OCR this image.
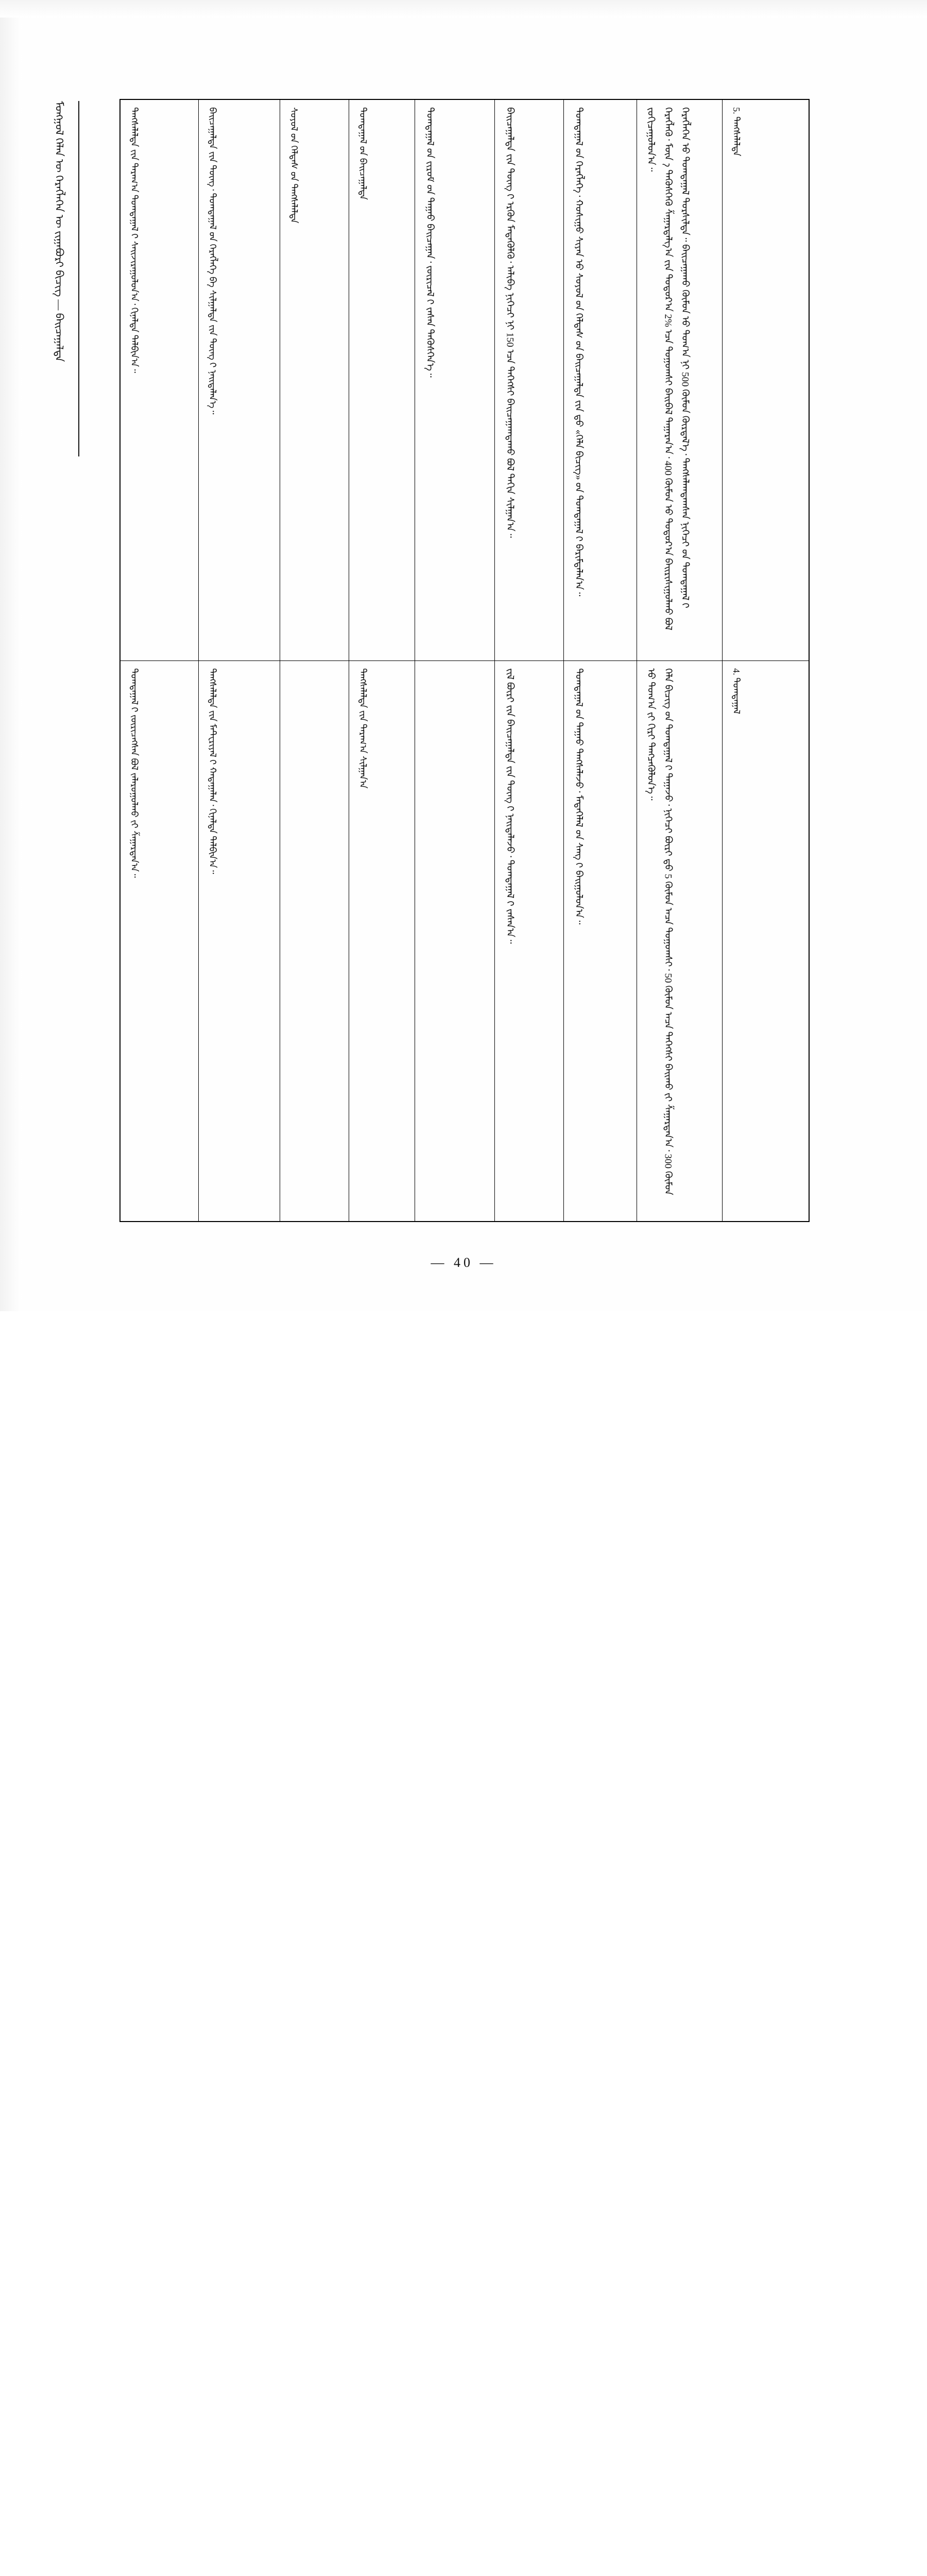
ᠮᠣᠩᠭᠤᠯ ᠬᠡᠯᠡᠨ ᠦ ᠬᠡᠷᠡᠭᠯᠡᠭᠡᠨ ᠦ ᠵᠢᠭᠠᠪᠤᠷᠢ ᠪᠢᠴᠢᠭ᠌ — ᠪᠠᠢᠴᠠᠭᠠᠯᠲᠠ	ᠲᠠᠩᠰᠠᠯᠠᠯᠲᠠ ᠶ᠋ᠢᠨ ᠳᠠᠷᠠᠭ᠎ᠠ ᠲᠣᠭᠲᠠᠭᠠᠯ ᠢ᠋ ᠰᠠᠢᠵᠢᠷᠠᠭᠤᠯᠤᠨ᠎ᠠ᠂ ᠬᠢᠨᠠᠯᠲᠠ ᠲᠠᠯᠪᠢᠨ᠎ᠠ᠃	ᠪᠠᠢᠴᠠᠭᠠᠯᠲᠠ ᠶ᠋ᠢᠨ ᠳᠦᠩ᠂ ᠲᠣᠭᠲᠠᠭᠠᠯ ᠤ᠋ᠨ ᠬᠡᠷᠡᠭᠯᠡᠭᠡ ᠪᠠ ᠰᠢᠯᠭᠠᠯᠲᠠ ᠶ᠋ᠢᠨ ᠳᠦᠩ ᠢ᠋ ᠨᠡᠢᠲᠡᠯᠡᠨ᠎ᠡ᠃	ᠰᠣᠶᠣᠯ ᠤ᠋ᠨ ᠬᠡᠯᠲᠡᠰ ᠦ᠋ᠨ ᠲᠠᠩᠰᠠᠯᠠᠯᠲᠠ	ᠲᠣᠭᠲᠠᠭᠠᠯ ᠤ᠋ᠨ ᠪᠠᠢᠴᠠᠭᠠᠯᠲᠠ	ᠲᠣᠭᠲᠠᠭᠠᠯ ᠤ᠋ᠨ ᠵᠢᠷᠤᠮ ᠤ᠋ᠨ ᠳᠠᠭᠠᠤ ᠪᠠᠢᠴᠠᠭᠠᠨ᠂ ᠵᠥᠷᠢᠴᠡᠯ ᠢ᠋ ᠵᠠᠰᠠᠨ ᠲᠡᠭᠦᠰᠬᠡᠨ᠎ᠡ᠃	ᠪᠠᠢᠴᠠᠭᠠᠯᠲᠠ ᠶ᠋ᠢᠨ ᠳᠦᠩ ᠢ᠋ ᠡᠷᠭᠦᠨ ᠮᠡᠳᠡᠭᠦᠯᠬᠦ᠂ ᠠᠯᠢᠪᠠ ᠨᠢᠭᠡᠴᠢ ᠨᠢ 150 ᠠ᠋ᠴᠠ ᠳᠡᠭᠡᠭᠰᠢ ᠪᠠᠢᠴᠠᠭᠠᠭᠳᠠᠬᠤ ᠪᠣᠯ ᠳᠠᠬᠢᠨ ᠰᠢᠯᠭᠠᠨ᠎ᠠ᠃	ᠲᠣᠭᠲᠠᠭᠠᠯ ᠤ᠋ᠨ ᠬᠡᠷᠡᠭᠯᠡᠭᠡ᠂ ᠬᠣᠰᠢᠭᠤ ᠰᠢᠶᠠᠨ ᠦ᠋ ᠰᠣᠶᠣᠯ ᠤ᠋ᠨ ᠬᠡᠯᠲᠡᠰ ᠦ᠋ᠨ ᠪᠠᠢᠴᠠᠭᠠᠯᠲᠠ ᠶ᠋ᠢᠨ ᠳ᠋ᠤ᠌ «ᠬᠡᠯᠡ ᠪᠢᠴᠢᠭ᠌» ᠦ᠋ᠨ ᠲᠣᠭᠲᠠᠭᠠᠯ ᠢ᠋ ᠪᠠᠷᠢᠮᠲᠠᠯᠠᠨ᠎ᠠ᠃	ᠬᠡᠷᠡᠭᠯᠡᠭᠡᠨ ᠦ᠋ ᠲᠣᠭᠲᠠᠭᠠᠯ ᠲᠤᠷᠰᠢᠯᠲᠠ᠃ ᠪᠠᠢᠴᠠᠭᠠᠬᠤ ᠬᠦᠮᠦᠨ ᠦ᠋ ᠲᠣᠭ᠎ᠠ ᠨᠢ 500 ᠬᠦᠮᠦᠨ ᠬᠦᠷᠲᠡᠯ᠎ᠡ᠂ ᠲᠠᠩᠰᠠᠯᠠᠭᠳᠠᠭᠰᠠᠨ ᠨᠢᠭᠡᠴᠢ ᠦ᠋ᠨ ᠲᠣᠭᠲᠠᠭᠠᠯ ᠢ᠋ ᠬᠡᠷᠡᠭᠯᠡᠬᠦ᠂ ᠮᠥᠨ ᠡ᠋ ᠲᠡᠭᠦᠰᠬᠡᠬᠦ ᠱᠠᠭᠠᠷᠳᠠᠯᠭ᠎ᠠ ᠶ᠋ᠢᠨ ᠳᠣᠲᠣᠷ᠎ᠠ 2% ᠠ᠋ᠴᠠ ᠳᠣᠭᠣᠭᠰᠢ ᠪᠠᠢᠪᠠᠯ ᠲᠠᠭᠠᠷᠠᠨ᠎ᠠ᠂ 400 ᠬᠦᠮᠦᠨ ᠦ᠋ ᠳᠣᠲᠣᠷ᠎ᠠ ᠪᠠᠢᠷᠢᠰᠢᠭᠤᠯᠬᠤ ᠪᠣᠯ ᠵᠣᠬᠢᠴᠠᠭᠤᠯᠤᠨ᠎ᠠ᠃	5. ᠲᠠᠩᠰᠠᠯᠠᠯᠲᠠ

ᠲᠣᠭᠲᠠᠭᠠᠯ ᠢ᠋ ᠵᠥᠷᠢᠴᠡᠭᠰᠡᠨ ᠪᠣᠯ ᠵᠠᠯᠠᠷᠤᠭᠤᠯᠬᠤ ᠶ᠋ᠢ ᠱᠠᠭᠠᠷᠳᠠᠨ᠎ᠠ᠃	ᠲᠠᠩᠰᠠᠯᠠᠯᠲᠠ ᠶ᠋ᠢᠨ ᠮᠠᠲ᠋ᠧᠷᠢᠶᠠᠯ ᠢ᠋ ᠬᠠᠳᠠᠭᠠᠯᠠᠨ᠂ ᠬᠢᠨᠠᠯᠲᠠ ᠲᠠᠯᠪᠢᠨ᠎ᠠ᠃		ᠲᠠᠩᠰᠠᠯᠠᠯᠲᠠ ᠶ᠋ᠢᠨ ᠳᠠᠷᠠᠭ᠎ᠠ ᠰᠢᠯᠭᠠᠨ᠎ᠠ		ᠵᠢᠯ ᠪᠦᠷᠢ ᠶ᠋ᠢᠨ ᠪᠠᠢᠴᠠᠭᠠᠯᠲᠠ ᠶ᠋ᠢᠨ ᠳᠦᠩ ᠢ᠋ ᠨᠡᠢᠲᠡᠯᠡᠵᠦ᠂ ᠲᠣᠭᠲᠠᠭᠠᠯ ᠢ᠋ ᠵᠠᠰᠠᠨ᠎ᠠ᠃	ᠲᠣᠭᠲᠠᠭᠠᠯ ᠤ᠋ᠨ ᠳᠠᠭᠠᠤ ᠲᠠᠩᠰᠠᠯᠠᠵᠤ᠂ ᠮᠡᠳᠡᠭᠡᠯᠡᠯ ᠦ᠋ᠨ ᠰᠠᠩ ᠢ᠋ ᠪᠠᠢᠭᠤᠯᠤᠨ᠎ᠠ᠃	ᠬᠡᠯᠡ ᠪᠢᠴᠢᠭ᠌ ᠦ᠋ᠨ ᠲᠣᠭᠲᠠᠭᠠᠯ ᠢ᠋ ᠳᠠᠭᠠᠵᠤ᠂ ᠨᠢᠭᠡᠴᠢ ᠪᠦᠷᠢ ᠳ᠋ᠦ᠍ 5 ᠬᠦᠮᠦᠨ ᠡ᠋ᠴᠡ ᠳᠣᠭᠣᠭᠰᠢ᠂ 50 ᠬᠦᠮᠦᠨ ᠡ᠋ᠴᠡ ᠳᠡᠭᠡᠭᠰᠢ ᠪᠠᠢᠬᠤ ᠶ᠋ᠢ ᠱᠠᠭᠠᠷᠳᠠᠨ᠎ᠠ᠂ 300 ᠬᠦᠮᠦᠨ ᠦ᠋ ᠲᠣᠭ᠎ᠠ ᠶ᠋ᠢ ᠬᠢᠷᠢ ᠲᠡᠩᠴᠡᠭᠦᠯᠦᠨ᠎ᠡ᠃	4. ᠲᠣᠭᠲᠠᠭᠠᠯ
— 40 —
